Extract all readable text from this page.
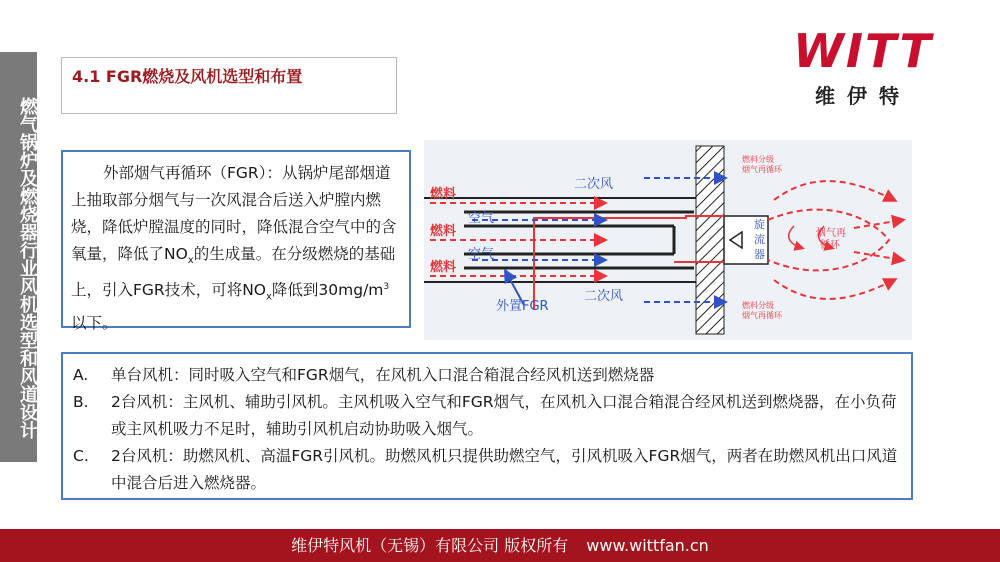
燃气锅炉及燃烧器行业风机选型和风道设计
4.1 FGR燃烧及风机选型和布置	WITT
维伊特
外部烟气再循环（FGR）：从锅炉尾部烟道上抽取部分烟气与一次风混合后送入炉膛内燃烧，降低炉膛温度的同时，降低混合空气中的含氧量，降低了$NO_x$的生成量。在分级燃烧的基础上，引入FGR技术，可将$NO_x$降低到$30mg/m^3$以下。
旋
流
器
燃料
燃料
燃料
空气
空气
二次风
二次风
外置FGR
燃料分级
烟气再循环
燃料分级
烟气再循环
烟气再
循环
A.	单台风机：同时吸入空气和FGR烟气，在风机入口混合箱混合经风机送到燃烧器
B.	2台风机：主风机、辅助引风机。主风机吸入空气和FGR烟气，在风机入口混合箱混合经风机送到燃烧器，在小负荷或主风机吸力不足时，辅助引风机启动协助吸入烟气。
C.	2台风机：助燃风机、高温FGR引风机。助燃风机只提供助燃空气，引风机吸入FGR烟气，两者在助燃风机出口风道中混合后进入燃烧器。
维伊特风机（无锡）有限公司 版权所有 www.wittfan.cn
